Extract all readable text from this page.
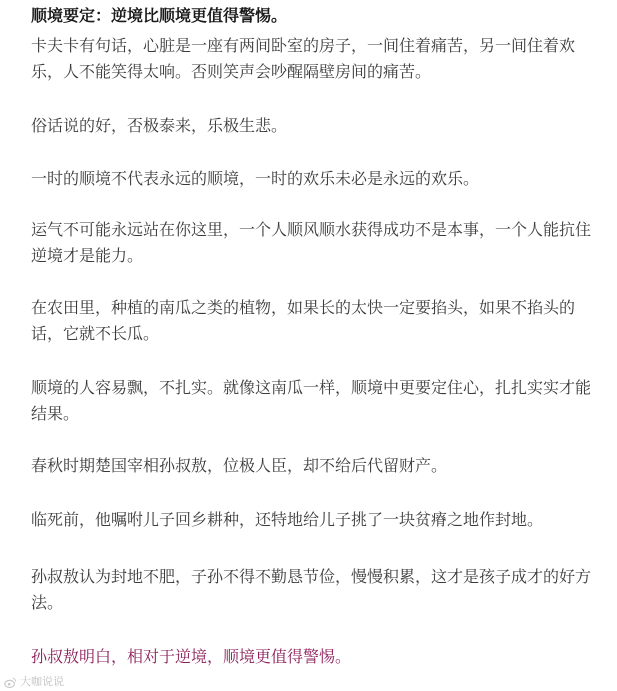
顺境要定：逆境比顺境更值得警惕。

卡夫卡有句话，心脏是一座有两间卧室的房子，一间住着痛苦，另一间住着欢乐，人不能笑得太响。否则笑声会吵醒隔壁房间的痛苦。

俗话说的好，否极泰来，乐极生悲。

一时的顺境不代表永远的顺境，一时的欢乐未必是永远的欢乐。

运气不可能永远站在你这里，一个人顺风顺水获得成功不是本事，一个人能抗住逆境才是能力。

在农田里，种植的南瓜之类的植物，如果长的太快一定要掐头，如果不掐头的话，它就不长瓜。

顺境的人容易飘，不扎实。就像这南瓜一样，顺境中更要定住心，扎扎实实才能结果。

春秋时期楚国宰相孙叔敖，位极人臣，却不给后代留财产。

临死前，他嘱咐儿子回乡耕种，还特地给儿子挑了一块贫瘠之地作封地。

孙叔敖认为封地不肥，子孙不得不勤恳节俭，慢慢积累，这才是孩子成才的好方法。

孙叔敖明白，相对于逆境，顺境更值得警惕。

大咖说说
